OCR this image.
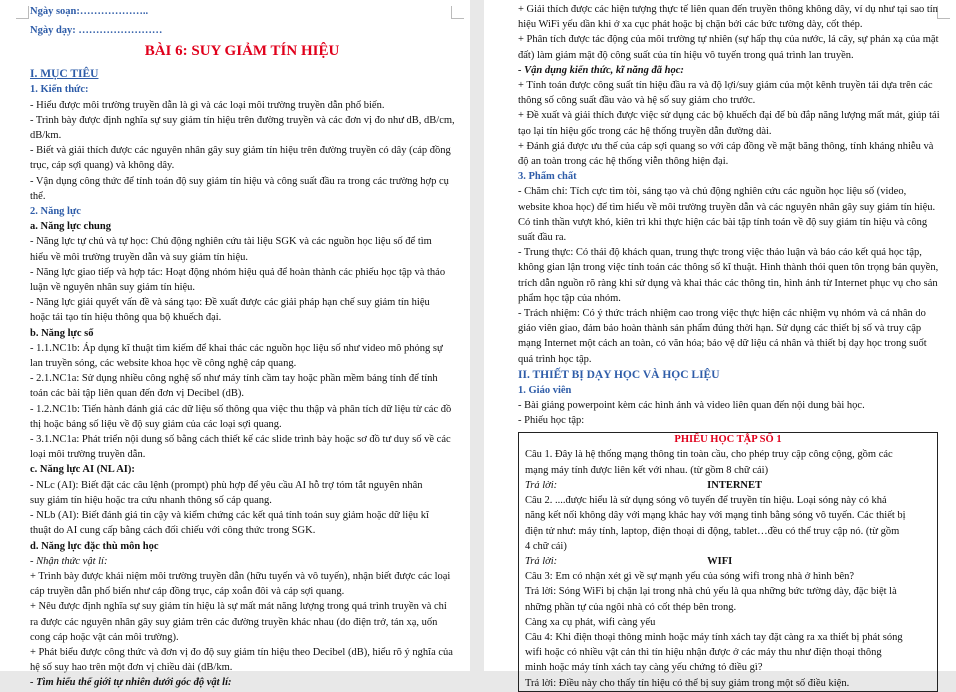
Ngày soạn:………………..
Ngày dạy: ……………………
BÀI 6: SUY GIẢM TÍN HIỆU
I. MỤC TIÊU
1. Kiến thức:
- Hiểu được môi trường truyền dẫn là gì và các loại môi trường truyền dẫn phổ biến.
- Trình bày được định nghĩa sự suy giảm tín hiệu trên đường truyền và các đơn vị đo như dB, dB/cm,
dB/km.
- Biết và giải thích được các nguyên nhân gây suy giảm tín hiệu trên đường truyền có dây (cáp đồng
trục, cáp sợi quang) và không dây.
- Vận dụng công thức để tính toán độ suy giảm tín hiệu và công suất đầu ra trong các trường hợp cụ
thể.
2. Năng lực
a. Năng lực chung
- Năng lực tự chủ và tự học: Chủ động nghiên cứu tài liệu SGK và các nguồn học liệu số để tìm
hiểu về môi trường truyền dẫn và suy giảm tín hiệu.
- Năng lực giao tiếp và hợp tác: Hoạt động nhóm hiệu quả để hoàn thành các phiếu học tập và thảo
luận về nguyên nhân suy giảm tín hiệu.
- Năng lực giải quyết vấn đề và sáng tạo: Đề xuất được các giải pháp hạn chế suy giảm tín hiệu
hoặc tái tạo tín hiệu thông qua bộ khuếch đại.
b. Năng lực số
- 1.1.NC1b: Áp dụng kĩ thuật tìm kiếm để khai thác các nguồn học liệu số như video mô phỏng sự
lan truyền sóng, các website khoa học về công nghệ cáp quang.
- 2.1.NC1a: Sử dụng nhiều công nghệ số như máy tính cầm tay hoặc phần mềm bảng tính để tính
toán các bài tập liên quan đến đơn vị Decibel (dB).
- 1.2.NC1b: Tiến hành đánh giá các dữ liệu số thông qua việc thu thập và phân tích dữ liệu từ các đồ
thị hoặc bảng số liệu về độ suy giảm của các loại sợi quang.
- 3.1.NC1a: Phát triển nội dung số bằng cách thiết kế các slide trình bày hoặc sơ đồ tư duy số về các
loại môi trường truyền dẫn.
c. Năng lực AI (NL AI):
- NLc (AI): Biết đặt các câu lệnh (prompt) phù hợp để yêu cầu AI hỗ trợ tóm tắt nguyên nhân
suy giảm tín hiệu hoặc tra cứu nhanh thông số cáp quang.
- NLb (AI): Biết đánh giá tin cậy và kiểm chứng các kết quả tính toán suy giảm hoặc dữ liệu kĩ
thuật do AI cung cấp bằng cách đối chiếu với công thức trong SGK.
d. Năng lực đặc thù môn học
- Nhận thức vật lí:
+ Trình bày được khái niệm môi trường truyền dẫn (hữu tuyến và vô tuyến), nhận biết được các loại
cáp truyền dẫn phổ biến như cáp đồng trục, cáp xoắn đôi và cáp sợi quang.
+ Nêu được định nghĩa sự suy giảm tín hiệu là sự mất mát năng lượng trong quá trình truyền và chỉ
ra được các nguyên nhân gây suy giảm trên các đường truyền khác nhau (do điện trở, tán xạ, uốn
cong cáp hoặc vật cản môi trường).
+ Phát biểu được công thức và đơn vị đo độ suy giảm tín hiệu theo Decibel (dB), hiểu rõ ý nghĩa của
hệ số suy hao trên một đơn vị chiều dài (dB/km.
- Tìm hiểu thế giới tự nhiên dưới góc độ vật lí:
+ Giải thích được các hiện tượng thực tế liên quan đến truyền thông không dây, ví dụ như tại sao tín
hiệu WiFi yếu dần khi ở xa cục phát hoặc bị chặn bởi các bức tường dày, cốt thép.
+ Phân tích được tác động của môi trường tự nhiên (sự hấp thụ của nước, lá cây, sự phản xạ của mặt
đất) làm giảm mật độ công suất của tín hiệu vô tuyến trong quá trình lan truyền.
- Vận dụng kiến thức, kĩ năng đã học:
+ Tính toán được công suất tín hiệu đầu ra và độ lợi/suy giảm của một kênh truyền tải dựa trên các
thông số công suất đầu vào và hệ số suy giảm cho trước.
+ Đề xuất và giải thích được việc sử dụng các bộ khuếch đại để bù đắp năng lượng mất mát, giúp tái
tạo lại tín hiệu gốc trong các hệ thống truyền dẫn đường dài.
+ Đánh giá được ưu thế của cáp sợi quang so với cáp đồng về mặt băng thông, tính kháng nhiễu và
độ an toàn trong các hệ thống viễn thông hiện đại.
3. Phẩm chất
- Chăm chỉ: Tích cực tìm tòi, sáng tạo và chủ động nghiên cứu các nguồn học liệu số (video,
website khoa học) để tìm hiểu về môi trường truyền dẫn và các nguyên nhân gây suy giảm tín hiệu.
Có tinh thần vượt khó, kiên trì khi thực hiện các bài tập tính toán về độ suy giảm tín hiệu và công
suất đầu ra.
- Trung thực: Có thái độ khách quan, trung thực trong việc thảo luận và báo cáo kết quả học tập,
không gian lận trong việc tính toán các thông số kĩ thuật. Hình thành thói quen tôn trọng bản quyền,
trích dẫn nguồn rõ ràng khi sử dụng và khai thác các thông tin, hình ảnh từ Internet phục vụ cho sản
phẩm học tập của nhóm.
- Trách nhiệm: Có ý thức trách nhiệm cao trong việc thực hiện các nhiệm vụ nhóm và cá nhân do
giáo viên giao, đảm bảo hoàn thành sản phẩm đúng thời hạn. Sử dụng các thiết bị số và truy cập
mạng Internet một cách an toàn, có văn hóa; bảo vệ dữ liệu cá nhân và thiết bị dạy học trong suốt
quá trình học tập.
II. THIẾT BỊ DẠY HỌC VÀ HỌC LIỆU
1. Giáo viên
- Bài giảng powerpoint kèm các hình ảnh và video liên quan đến nội dung bài học.
- Phiếu học tập:
PHIẾU HỌC TẬP SỐ 1
Câu 1. Đây là hệ thống mạng thông tin toàn cầu, cho phép truy cập công cộng, gồm các
mạng máy tính được liên kết với nhau. (từ gồm 8 chữ cái)
Trả lời:	INTERNET
Câu 2. ....được hiểu là sử dụng sóng vô tuyến để truyền tín hiệu. Loại sóng này có khả
năng kết nối không dây với mạng khác hay với mạng tinh bằng sóng vô tuyến. Các thiết bị
điện tử như: máy tính, laptop, điện thoại di động, tablet…đều có thể truy cập nó. (từ gồm
4 chữ cái)
Trả lời:	WIFI
Câu 3: Em có nhận xét gì về sự mạnh yếu của sóng wifi trong nhà ở hình bên?
Trả lời: Sóng WiFi bị chặn lại trong nhà chủ yếu là qua những bức tường dày, đặc biệt là
những phần tự của ngôi nhà có cốt thép bên trong.
Càng xa cụ phát, wifi càng yếu
Câu 4: Khi điện thoại thông minh hoặc máy tính xách tay đặt càng ra xa thiết bị phát sóng
wifi hoặc có nhiều vật cản thì tín hiệu nhận được ở các máy thu như điện thoại thông
minh hoặc máy tính xách tay càng yếu chứng tỏ điều gì?
Trả lời: Điều này cho thấy tín hiệu có thể bị suy giảm trong một số điều kiện.
